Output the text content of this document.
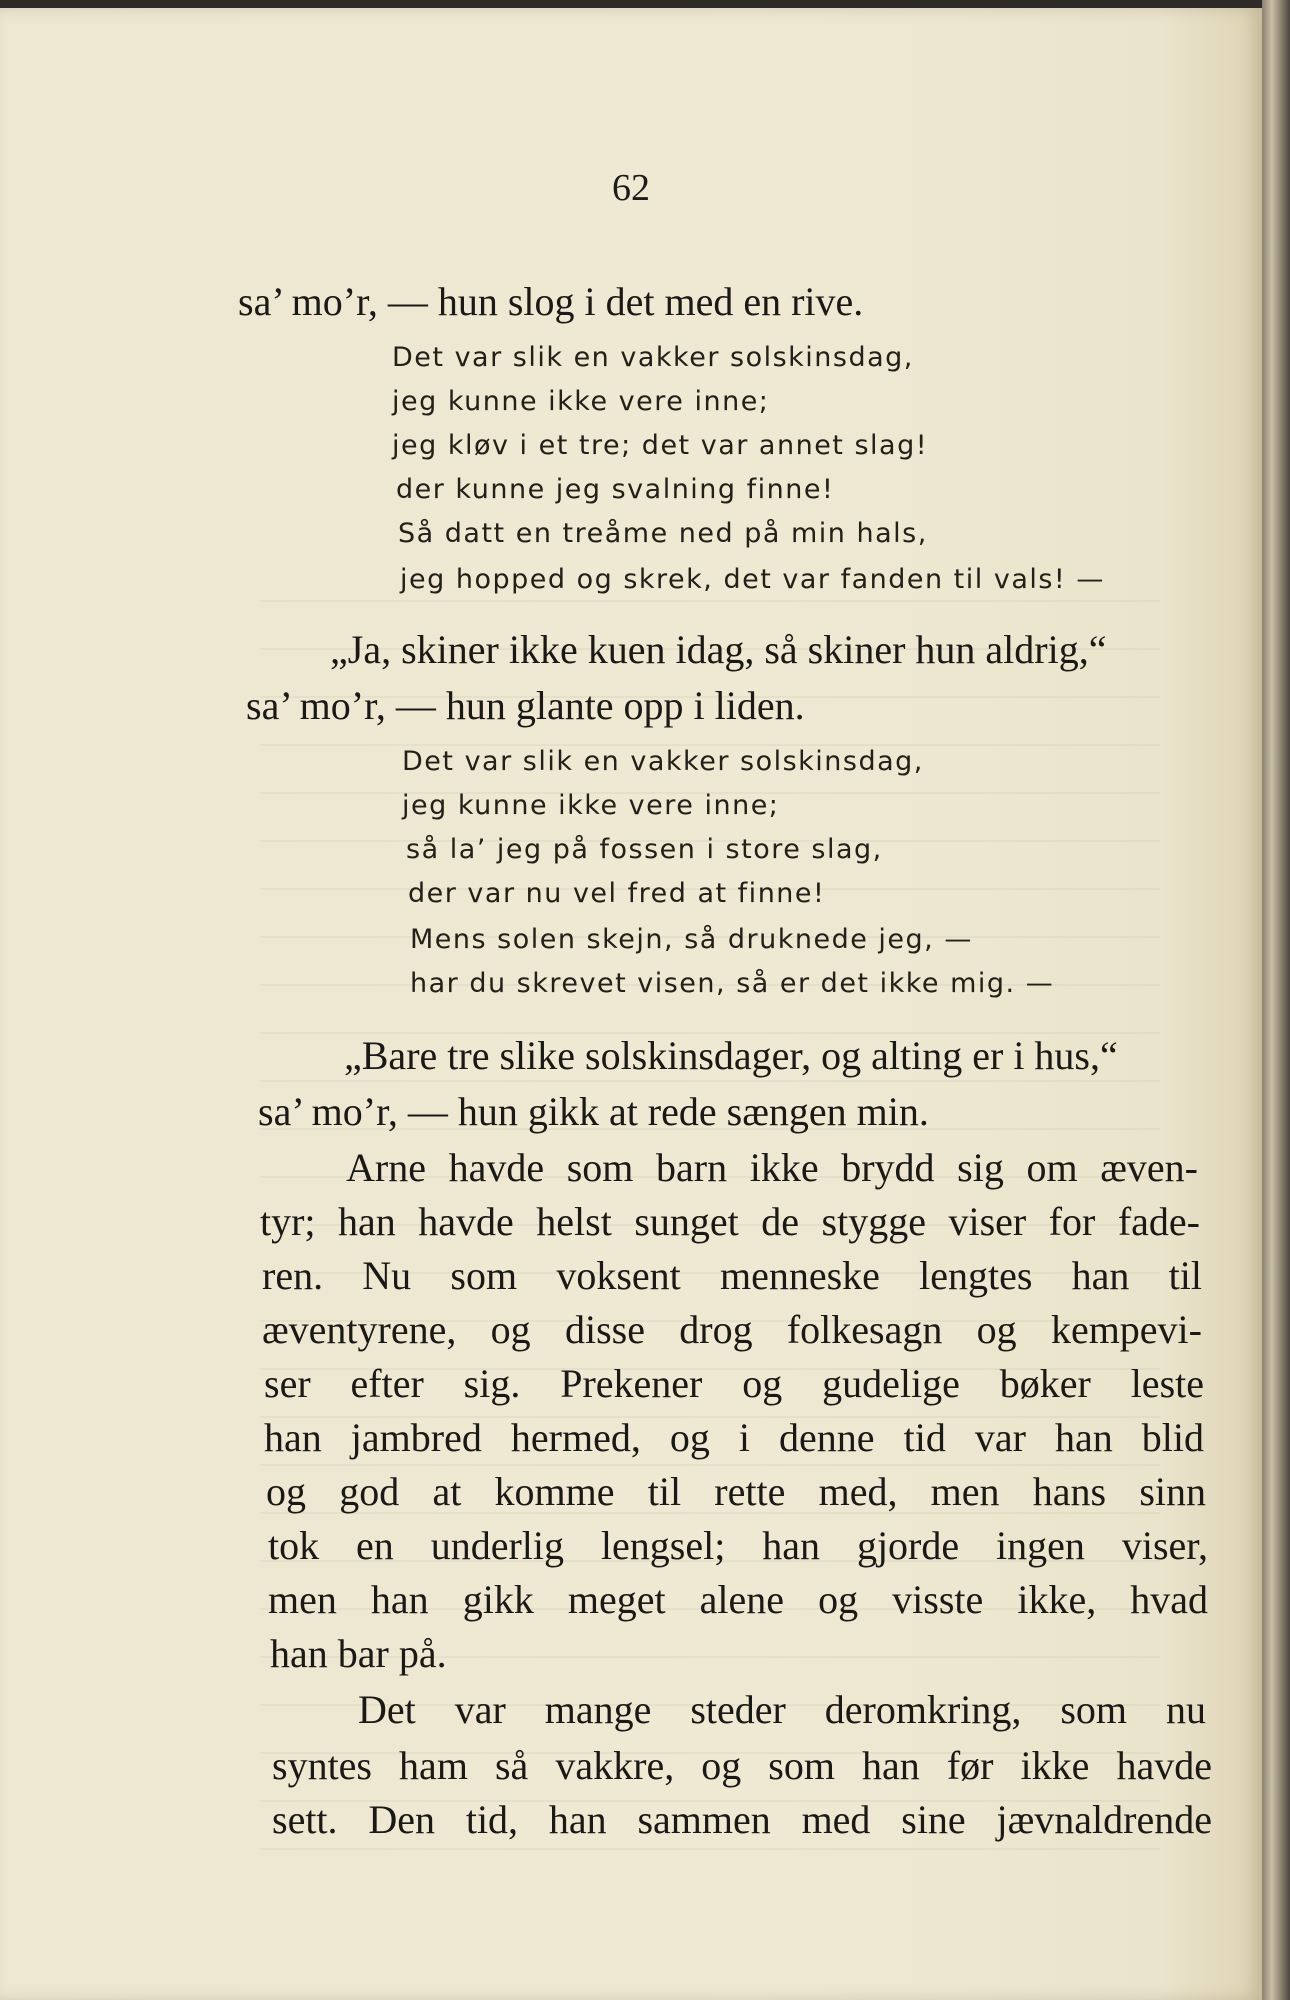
62
sa’ mo’r, — hun slog i det med en rive.
Det var slik en vakker solskinsdag,
jeg kunne ikke vere inne;
jeg kløv i et tre; det var annet slag!
der kunne jeg svalning finne!
Så datt en treåme ned på min hals,
jeg hopped og skrek, det var fanden til vals! —
„Ja, skiner ikke kuen idag, så skiner hun aldrig,“
sa’ mo’r, — hun glante opp i liden.
Det var slik en vakker solskinsdag,
jeg kunne ikke vere inne;
så la’ jeg på fossen i store slag,
der var nu vel fred at finne!
Mens solen skejn, så druknede jeg, —
har du skrevet visen, så er det ikke mig. —
„Bare tre slike solskinsdager, og alting er i hus,“
sa’ mo’r, — hun gikk at rede sængen min.
Arne havde som barn ikke brydd sig om æven-
tyr; han havde helst sunget de stygge viser for fade-
ren. Nu som voksent menneske lengtes han til
æventyrene, og disse drog folkesagn og kempevi-
ser efter sig. Prekener og gudelige bøker leste
han jambred hermed, og i denne tid var han blid
og god at komme til rette med, men hans sinn
tok en underlig lengsel; han gjorde ingen viser,
men han gikk meget alene og visste ikke, hvad
han bar på.
Det var mange steder deromkring, som nu
syntes ham så vakkre, og som han før ikke havde
sett. Den tid, han sammen med sine jævnaldrende
